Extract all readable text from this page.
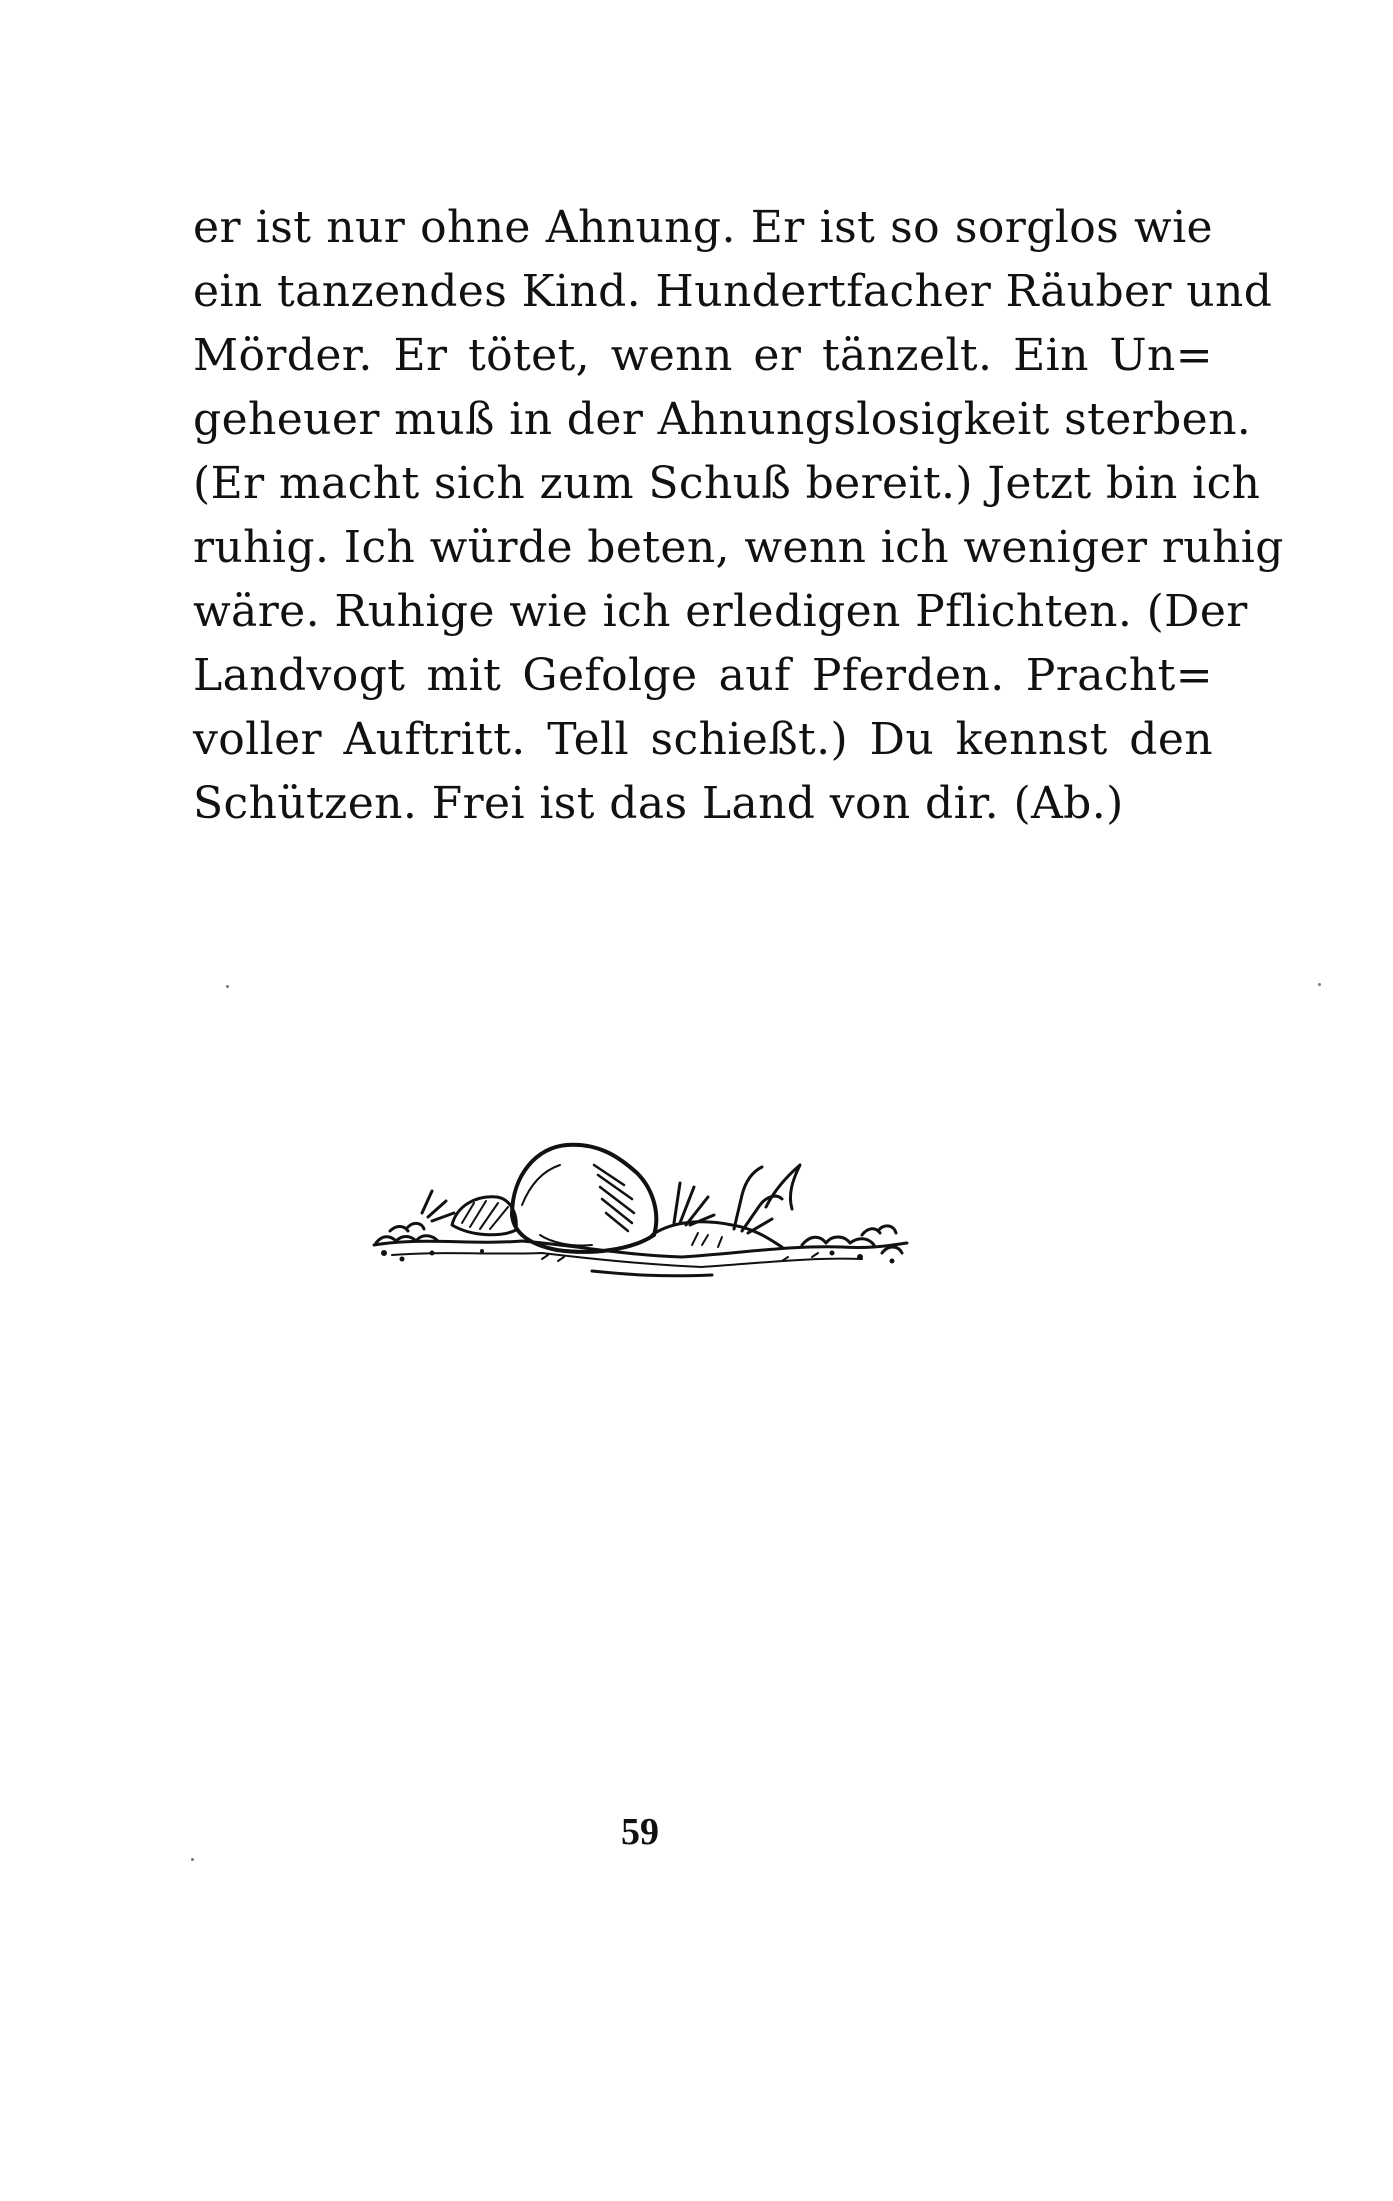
er ist nur ohne Ahnung. Er ist so sorglos wie
ein tanzendes Kind. Hundertfacher Räuber und
Mörder. Er tötet, wenn er tänzelt. Ein Un=
geheuer muß in der Ahnungslosigkeit sterben.
(Er macht sich zum Schuß bereit.) Jetzt bin ich
ruhig. Ich würde beten, wenn ich weniger ruhig
wäre. Ruhige wie ich erledigen Pflichten. (Der
Landvogt mit Gefolge auf Pferden. Pracht=
voller Auftritt. Tell schießt.) Du kennst den
Schützen. Frei ist das Land von dir. (Ab.)
59
